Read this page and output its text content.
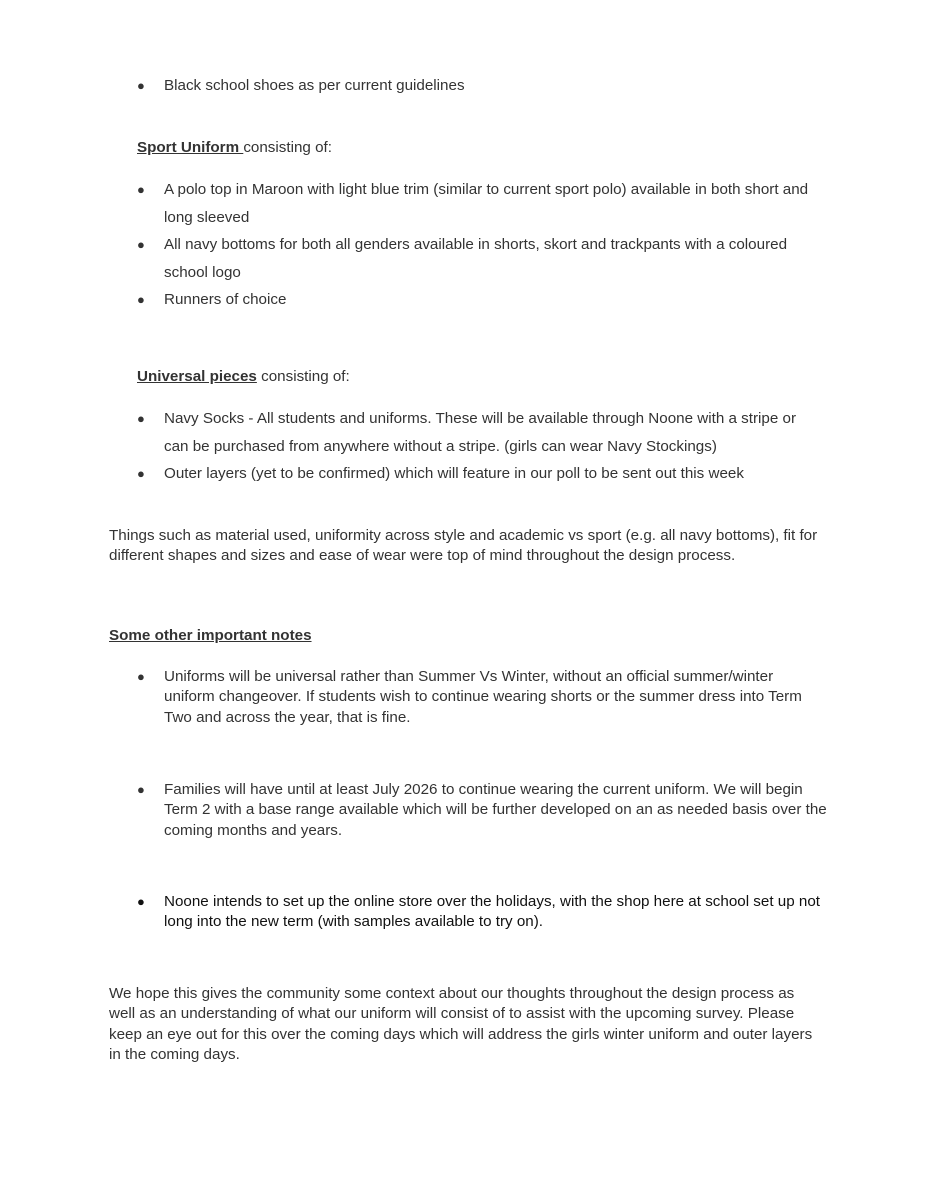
● Black school shoes as per current guidelines

Sport Uniform consisting of:

● A polo top in Maroon with light blue trim (similar to current sport polo) available in both short and long sleeved
● All navy bottoms for both all genders available in shorts, skort and trackpants with a coloured school logo
● Runners of choice

Universal pieces consisting of:

● Navy Socks - All students and uniforms. These will be available through Noone with a stripe or can be purchased from anywhere without a stripe. (girls can wear Navy Stockings)
● Outer layers (yet to be confirmed) which will feature in our poll to be sent out this week

Things such as material used, uniformity across style and academic vs sport (e.g. all navy bottoms), fit for different shapes and sizes and ease of wear were top of mind throughout the design process.

Some other important notes

● Uniforms will be universal rather than Summer Vs Winter, without an official summer/winter uniform changeover. If students wish to continue wearing shorts or the summer dress into Term Two and across the year, that is fine.
● Families will have until at least July 2026 to continue wearing the current uniform. We will begin Term 2 with a base range available which will be further developed on an as needed basis over the coming months and years.
● Noone intends to set up the online store over the holidays, with the shop here at school set up not long into the new term (with samples available to try on).

We hope this gives the community some context about our thoughts throughout the design process as well as an understanding of what our uniform will consist of to assist with the upcoming survey. Please keep an eye out for this over the coming days which will address the girls winter uniform and outer layers in the coming days.
